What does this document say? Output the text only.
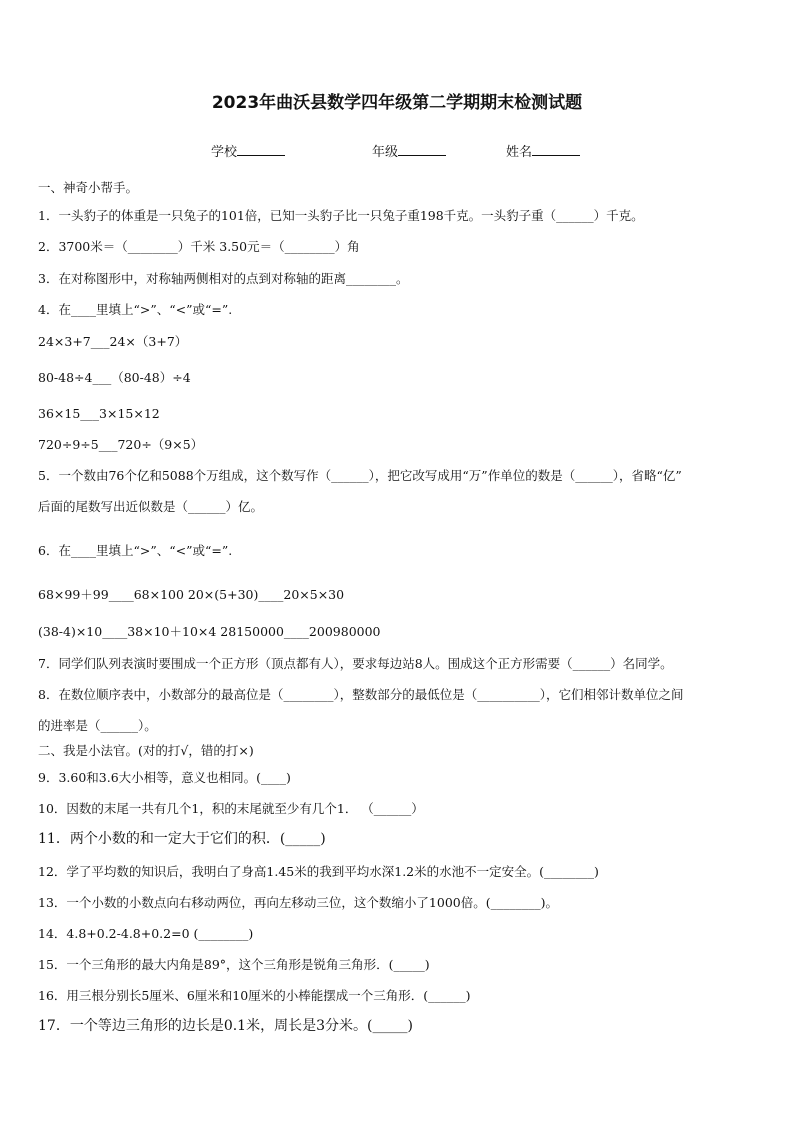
2023年曲沃县数学四年级第二学期期末检测试题
学校	年级	姓名
一、神奇小帮手。
1．一头豹子的体重是一只兔子的101倍，已知一头豹子比一只兔子重198千克。一头豹子重（______）千克。
2．3700米＝（________）千米 3.50元＝（________）角
3．在对称图形中，对称轴两侧相对的点到对称轴的距离________。
4．在____里填上“>”、“<”或“=”.
24×3+7___24×（3+7）
80-48÷4___（80-48）÷4
36×15___3×15×12
720÷9÷5___720÷（9×5）
5．一个数由76个亿和5088个万组成，这个数写作（______），把它改写成用“万”作单位的数是（______），省略“亿”
后面的尾数写出近似数是（______）亿。
6．在____里填上“>”、“<”或“=”.
68×99＋99____68×100 20×(5+30)____20×5×30
(38-4)×10____38×10＋10×4 28150000____200980000
7．同学们队列表演时要围成一个正方形（顶点都有人），要求每边站8人。围成这个正方形需要（______）名同学。
8．在数位顺序表中，小数部分的最高位是（________），整数部分的最低位是（__________），它们相邻计数单位之间
的进率是（______）。
二、我是小法官。(对的打√，错的打×)
9．3.60和3.6大小相等，意义也相同。(____)
10．因数的末尾一共有几个1，积的末尾就至少有几个1． （______）
11．两个小数的和一定大于它们的积．(_____)
12．学了平均数的知识后，我明白了身高1.45米的我到平均水深1.2米的水池不一定安全。(________)
13．一个小数的小数点向右移动两位，再向左移动三位，这个数缩小了1000倍。(________)。
14．4.8+0.2-4.8+0.2=0 (________)
15．一个三角形的最大内角是89°，这个三角形是锐角三角形．(_____)
16．用三根分别长5厘米、6厘米和10厘米的小棒能摆成一个三角形．(______)
17．一个等边三角形的边长是0.1米，周长是3分米。(_____)
